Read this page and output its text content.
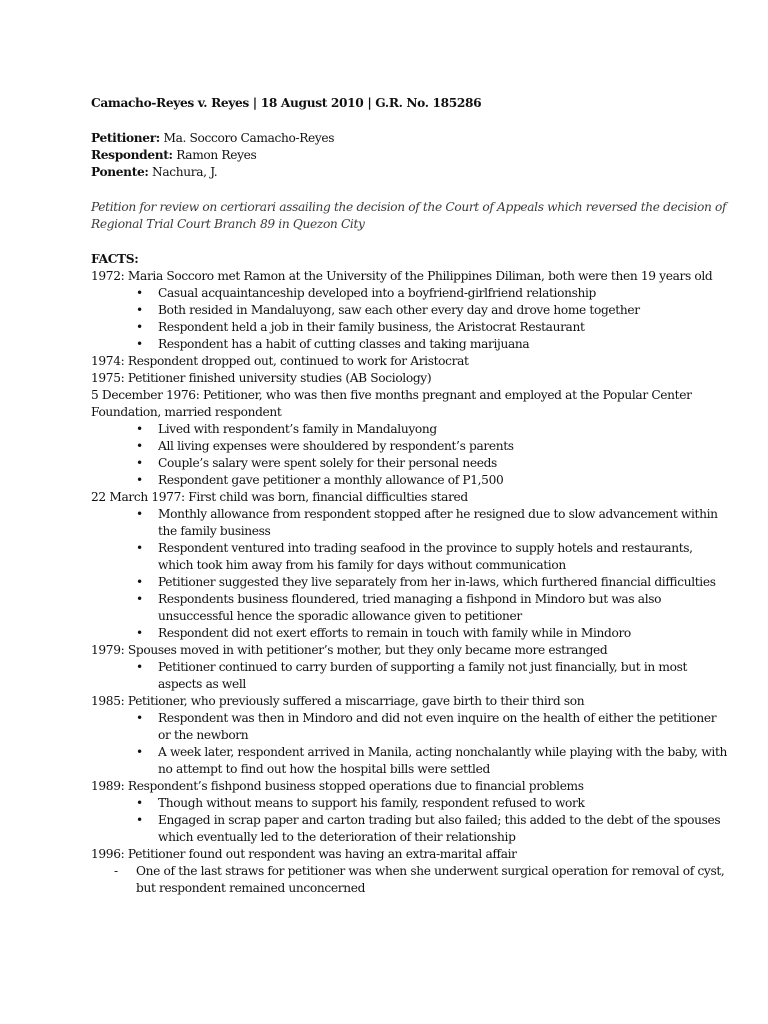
Camacho-Reyes v. Reyes | 18 August 2010 | G.R. No. 185286
Petitioner: Ma. Soccoro Camacho-Reyes
Respondent: Ramon Reyes
Ponente: Nachura, J.
Petition for review on certiorari assailing the decision of the Court of Appeals which reversed the decision of Regional Trial Court Branch 89 in Quezon City
FACTS:
1972: Maria Soccoro met Ramon at the University of the Philippines Diliman, both were then 19 years old
• Casual acquaintanceship developed into a boyfriend-girlfriend relationship
• Both resided in Mandaluyong, saw each other every day and drove home together
• Respondent held a job in their family business, the Aristocrat Restaurant
• Respondent has a habit of cutting classes and taking marijuana
1974: Respondent dropped out, continued to work for Aristocrat
1975: Petitioner finished university studies (AB Sociology)
5 December 1976: Petitioner, who was then five months pregnant and employed at the Popular Center Foundation, married respondent
• Lived with respondent’s family in Mandaluyong
• All living expenses were shouldered by respondent’s parents
• Couple’s salary were spent solely for their personal needs
• Respondent gave petitioner a monthly allowance of P1,500
22 March 1977: First child was born, financial difficulties stared
• Monthly allowance from respondent stopped after he resigned due to slow advancement within the family business
• Respondent ventured into trading seafood in the province to supply hotels and restaurants, which took him away from his family for days without communication
• Petitioner suggested they live separately from her in-laws, which furthered financial difficulties
• Respondents business floundered, tried managing a fishpond in Mindoro but was also unsuccessful hence the sporadic allowance given to petitioner
• Respondent did not exert efforts to remain in touch with family while in Mindoro
1979: Spouses moved in with petitioner’s mother, but they only became more estranged
• Petitioner continued to carry burden of supporting a family not just financially, but in most aspects as well
1985: Petitioner, who previously suffered a miscarriage, gave birth to their third son
• Respondent was then in Mindoro and did not even inquire on the health of either the petitioner or the newborn
• A week later, respondent arrived in Manila, acting nonchalantly while playing with the baby, with no attempt to find out how the hospital bills were settled
1989: Respondent’s fishpond business stopped operations due to financial problems
• Though without means to support his family, respondent refused to work
• Engaged in scrap paper and carton trading but also failed; this added to the debt of the spouses which eventually led to the deterioration of their relationship
1996: Petitioner found out respondent was having an extra-marital affair
- One of the last straws for petitioner was when she underwent surgical operation for removal of cyst, but respondent remained unconcerned
